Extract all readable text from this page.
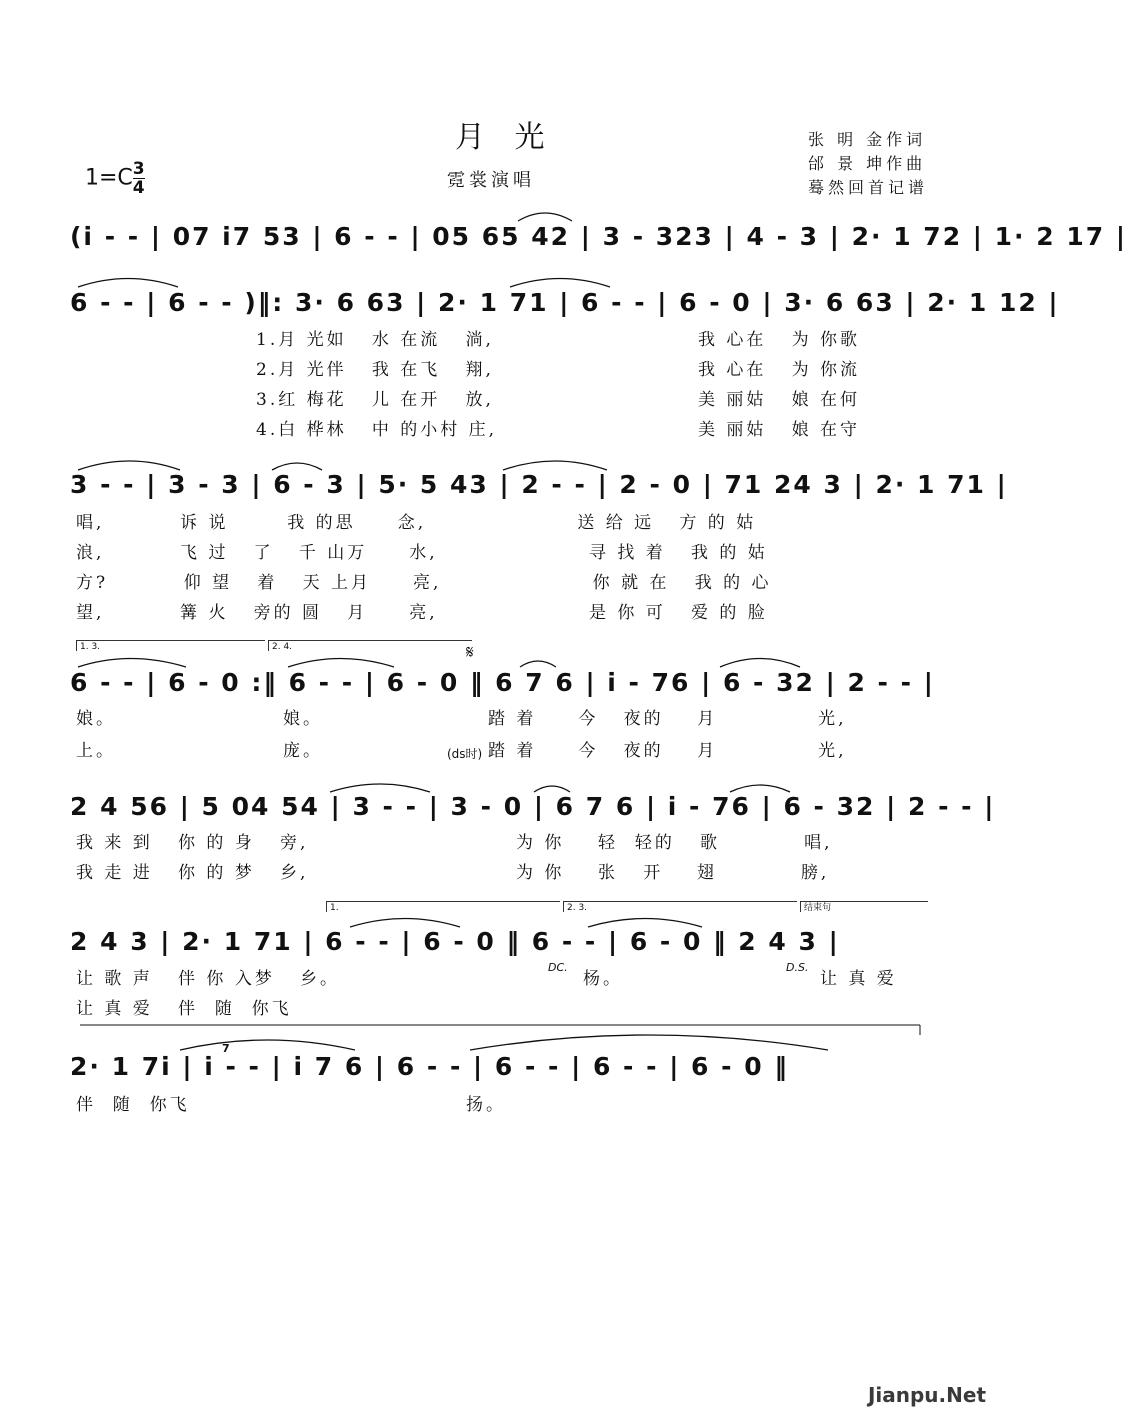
月 光
霓裳演唱
$1=C \frac{3}{4}$
张 明 金作词
邰 景 坤作曲
蓦然回首记谱
(i̇ - - | 07 i̇7 53 | 6 - - | 05 65 42 | 3 - 323 | 4 - 3 | 2· 1 72 | 1· 2 17 |
6 - - | 6 - - )‖: 3· 6 63 | 2· 1 71 | 6 - - | 6 - 0 | 3· 6 63 | 2· 1 12 |
3 - - | 3 - 3 | 6 - 3 | 5· 5 43 | 2 - - | 2 - 0 | 71 24 3 | 2· 1 71 |
6 - - | 6 - 0 :‖ 6 - - | 6 - 0 ‖ 6 7 6 | i̇ - 76 | 6 - 32 | 2 - - |
2 4 56 | 5 04 54 | 3 - - | 3 - 0 | 6 7 6 | i̇ - 76 | 6 - 32 | 2 - - |
2 4 3 | 2· 1 71 | 6 - - | 6 - 0 ‖ 6 - - | 6 - 0 ‖ 2 4 3 |
2· 1 7i̇ | i̇ - - | i̇ 7 6 | 6 - - | 6 - - | 6 - - | 6 - 0 ‖
1.月 光如   水 在流   淌,	我 心在   为 你歌
2.月 光伴   我 在飞   翔,	我 心在   为 你流
3.红 梅花   儿 在开   放,	美 丽姑   娘 在何
4.白 桦林   中 的小村 庄,	美 丽姑   娘 在守
唱,         诉 说       我 的思     念,                  送 给 远   方 的 姑
浪,         飞 过   了   千 山万     水,                  寻 找 着   我 的 姑
方?         仰 望   着   天 上月     亮,                  你 就 在   我 的 心
望,         篝 火   旁的 圆   月     亮,                  是 你 可   爱 的 脸
1. 3.	2. 4.	𝄋
娘。	娘。	踏 着     今   夜的    月            光,
上。	庞。	(ds时) 踏 着     今   夜的    月            光,
我 来 到   你 的 身   旁,	为 你    轻  轻的   歌          唱,
我 走 进   你 的 梦   乡,	为 你    张   开    翅          膀,
1.	2. 3.	结束句
让 歌 声   伴 你 入梦   乡。
DC.
杨。
D.S.
让 真 爱
让 真 爱   伴  随  你飞
7
伴  随  你飞	扬。
Jianpu.Net
